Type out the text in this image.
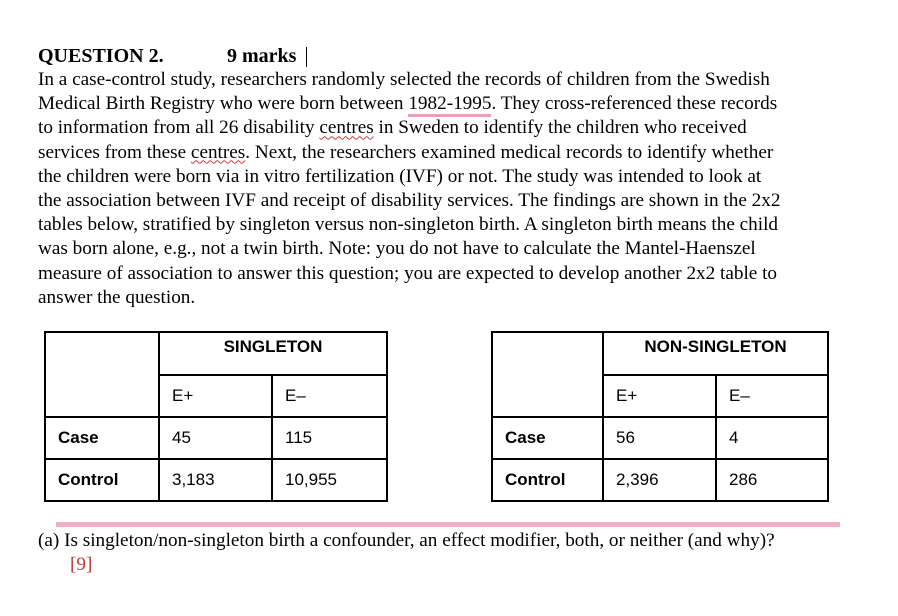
QUESTION 2.	9 marks
In a case-control study, researchers randomly selected the records of children from the Swedish
Medical Birth Registry who were born between 1982-1995. They cross-referenced these records
to information from all 26 disability centres in Sweden to identify the children who received
services from these centres. Next, the researchers examined medical records to identify whether
the children were born via in vitro fertilization (IVF) or not. The study was intended to look at
the association between IVF and receipt of disability services. The findings are shown in the 2x2
tables below, stratified by singleton versus non-singleton birth. A singleton birth means the child
was born alone, e.g., not a twin birth. Note: you do not have to calculate the Mantel-Haenszel
measure of association to answer this question; you are expected to develop another 2x2 table to
answer the question.
	SINGLETON	
	E+	E–
Case	45	115
Control	3,183	10,955
	NON-SINGLETON	
	E+	E–
Case	56	4
Control	2,396	286
(a) Is singleton/non-singleton birth a confounder, an effect modifier, both, or neither (and why)?
[9]
